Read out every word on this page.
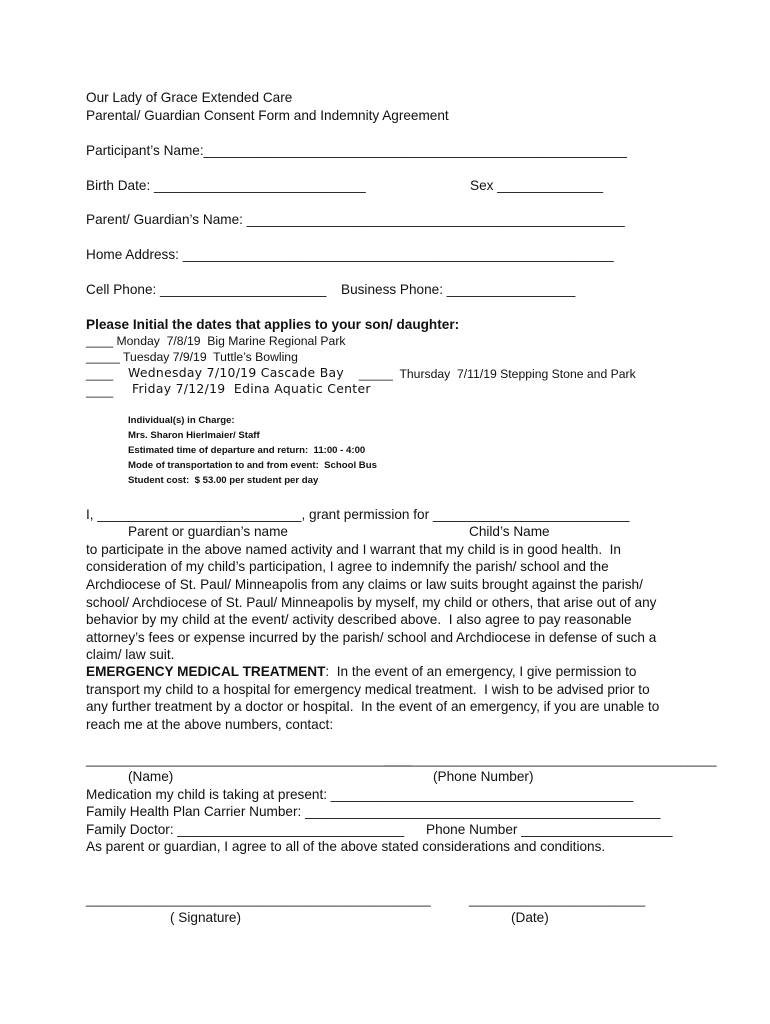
Our Lady of Grace Extended Care
Parental/ Guardian Consent Form and Indemnity Agreement
Participant’s Name:________________________________________________________
Birth Date: ____________________________	Sex ______________
Parent/ Guardian’s Name: __________________________________________________
Home Address: _________________________________________________________
Cell Phone: ______________________ Business Phone: _________________
Please Initial the dates that applies to your son/ daughter:
____ Monday  7/8/19  Big Marine Regional Park
_____ Tuesday 7/9/19  Tuttle’s Bowling
____ Wednesday 7/10/19 Cascade Bay _____  Thursday  7/11/19 Stepping Stone and Park
____ Friday 7/12/19  Edina Aquatic Center
Individual(s) in Charge:
Mrs. Sharon Hierlmaier/ Staff
Estimated time of departure and return:  11:00 - 4:00
Mode of transportation to and from event:  School Bus
Student cost:  $ 53.00 per student per day
I, ___________________________, grant permission for __________________________
Parent or guardian’s name	Child’s Name
to participate in the above named activity and I warrant that my child is in good health.  In
consideration of my child’s participation, I agree to indemnify the parish/ school and the
Archdiocese of St. Paul/ Minneapolis from any claims or law suits brought against the parish/
school/ Archdiocese of St. Paul/ Minneapolis by myself, my child or others, that arise out of any
behavior by my child at the event/ activity described above.  I also agree to pay reasonable
attorney’s fees or expense incurred by the parish/ school and Archdiocese in defense of such a
claim/ law suit.
EMERGENCY MEDICAL TREATMENT:  In the event of an emergency, I give permission to
transport my child to a hospital for emergency medical treatment.  I wish to be advised prior to
any further treatment by a doctor or hospital.  In the event of an emergency, if you are unable to
reach me at the above numbers, contact:
_____________________________________________
______________________________________________
(Name)	(Phone Number)
Medication my child is taking at present: ________________________________________
Family Health Plan Carrier Number: _______________________________________________
Family Doctor: ______________________________ Phone Number ____________________
As parent or guardian, I agree to all of the above stated considerations and conditions.
_______________________________________________	________________________
( Signature)	(Date)
